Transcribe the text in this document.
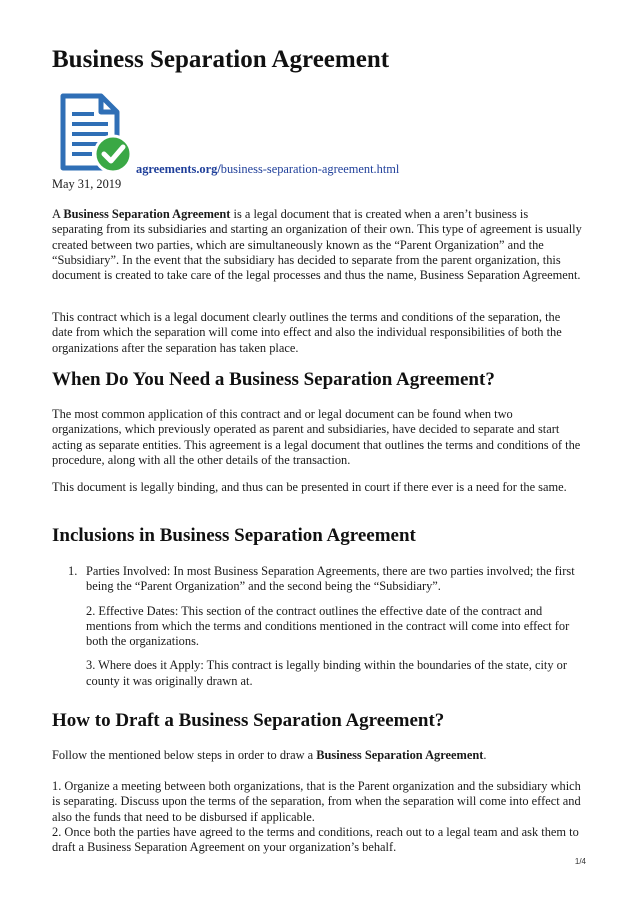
Business Separation Agreement
agreements.org/business-separation-agreement.html
May 31, 2019

A Business Separation Agreement is a legal document that is created when a aren’t business is separating from its subsidiaries and starting an organization of their own. This type of agreement is usually created between two parties, which are simultaneously known as the “Parent Organization” and the “Subsidiary”. In the event that the subsidiary has decided to separate from the parent organization, this document is created to take care of the legal processes and thus the name, Business Separation Agreement.

This contract which is a legal document clearly outlines the terms and conditions of the separation, the date from which the separation will come into effect and also the individual responsibilities of both the organizations after the separation has taken place.

When Do You Need a Business Separation Agreement?

The most common application of this contract and or legal document can be found when two organizations, which previously operated as parent and subsidiaries, have decided to separate and start acting as separate entities. This agreement is a legal document that outlines the terms and conditions of the procedure, along with all the other details of the transaction.

This document is legally binding, and thus can be presented in court if there ever is a need for the same.

Inclusions in Business Separation Agreement
1. Parties Involved: In most Business Separation Agreements, there are two parties involved; the first being the “Parent Organization” and the second being the “Subsidiary”.

2. Effective Dates: This section of the contract outlines the effective date of the contract and mentions from which the terms and conditions mentioned in the contract will come into effect for both the organizations.

3. Where does it Apply: This contract is legally binding within the boundaries of the state, city or county it was originally drawn at.

How to Draft a Business Separation Agreement?

Follow the mentioned below steps in order to draw a Business Separation Agreement.

1. Organize a meeting between both organizations, that is the Parent organization and the subsidiary which is separating. Discuss upon the terms of the separation, from when the separation will come into effect and also the funds that need to be disbursed if applicable.

2. Once both the parties have agreed to the terms and conditions, reach out to a legal team and ask them to draft a Business Separation Agreement on your organization’s behalf.

1/4
